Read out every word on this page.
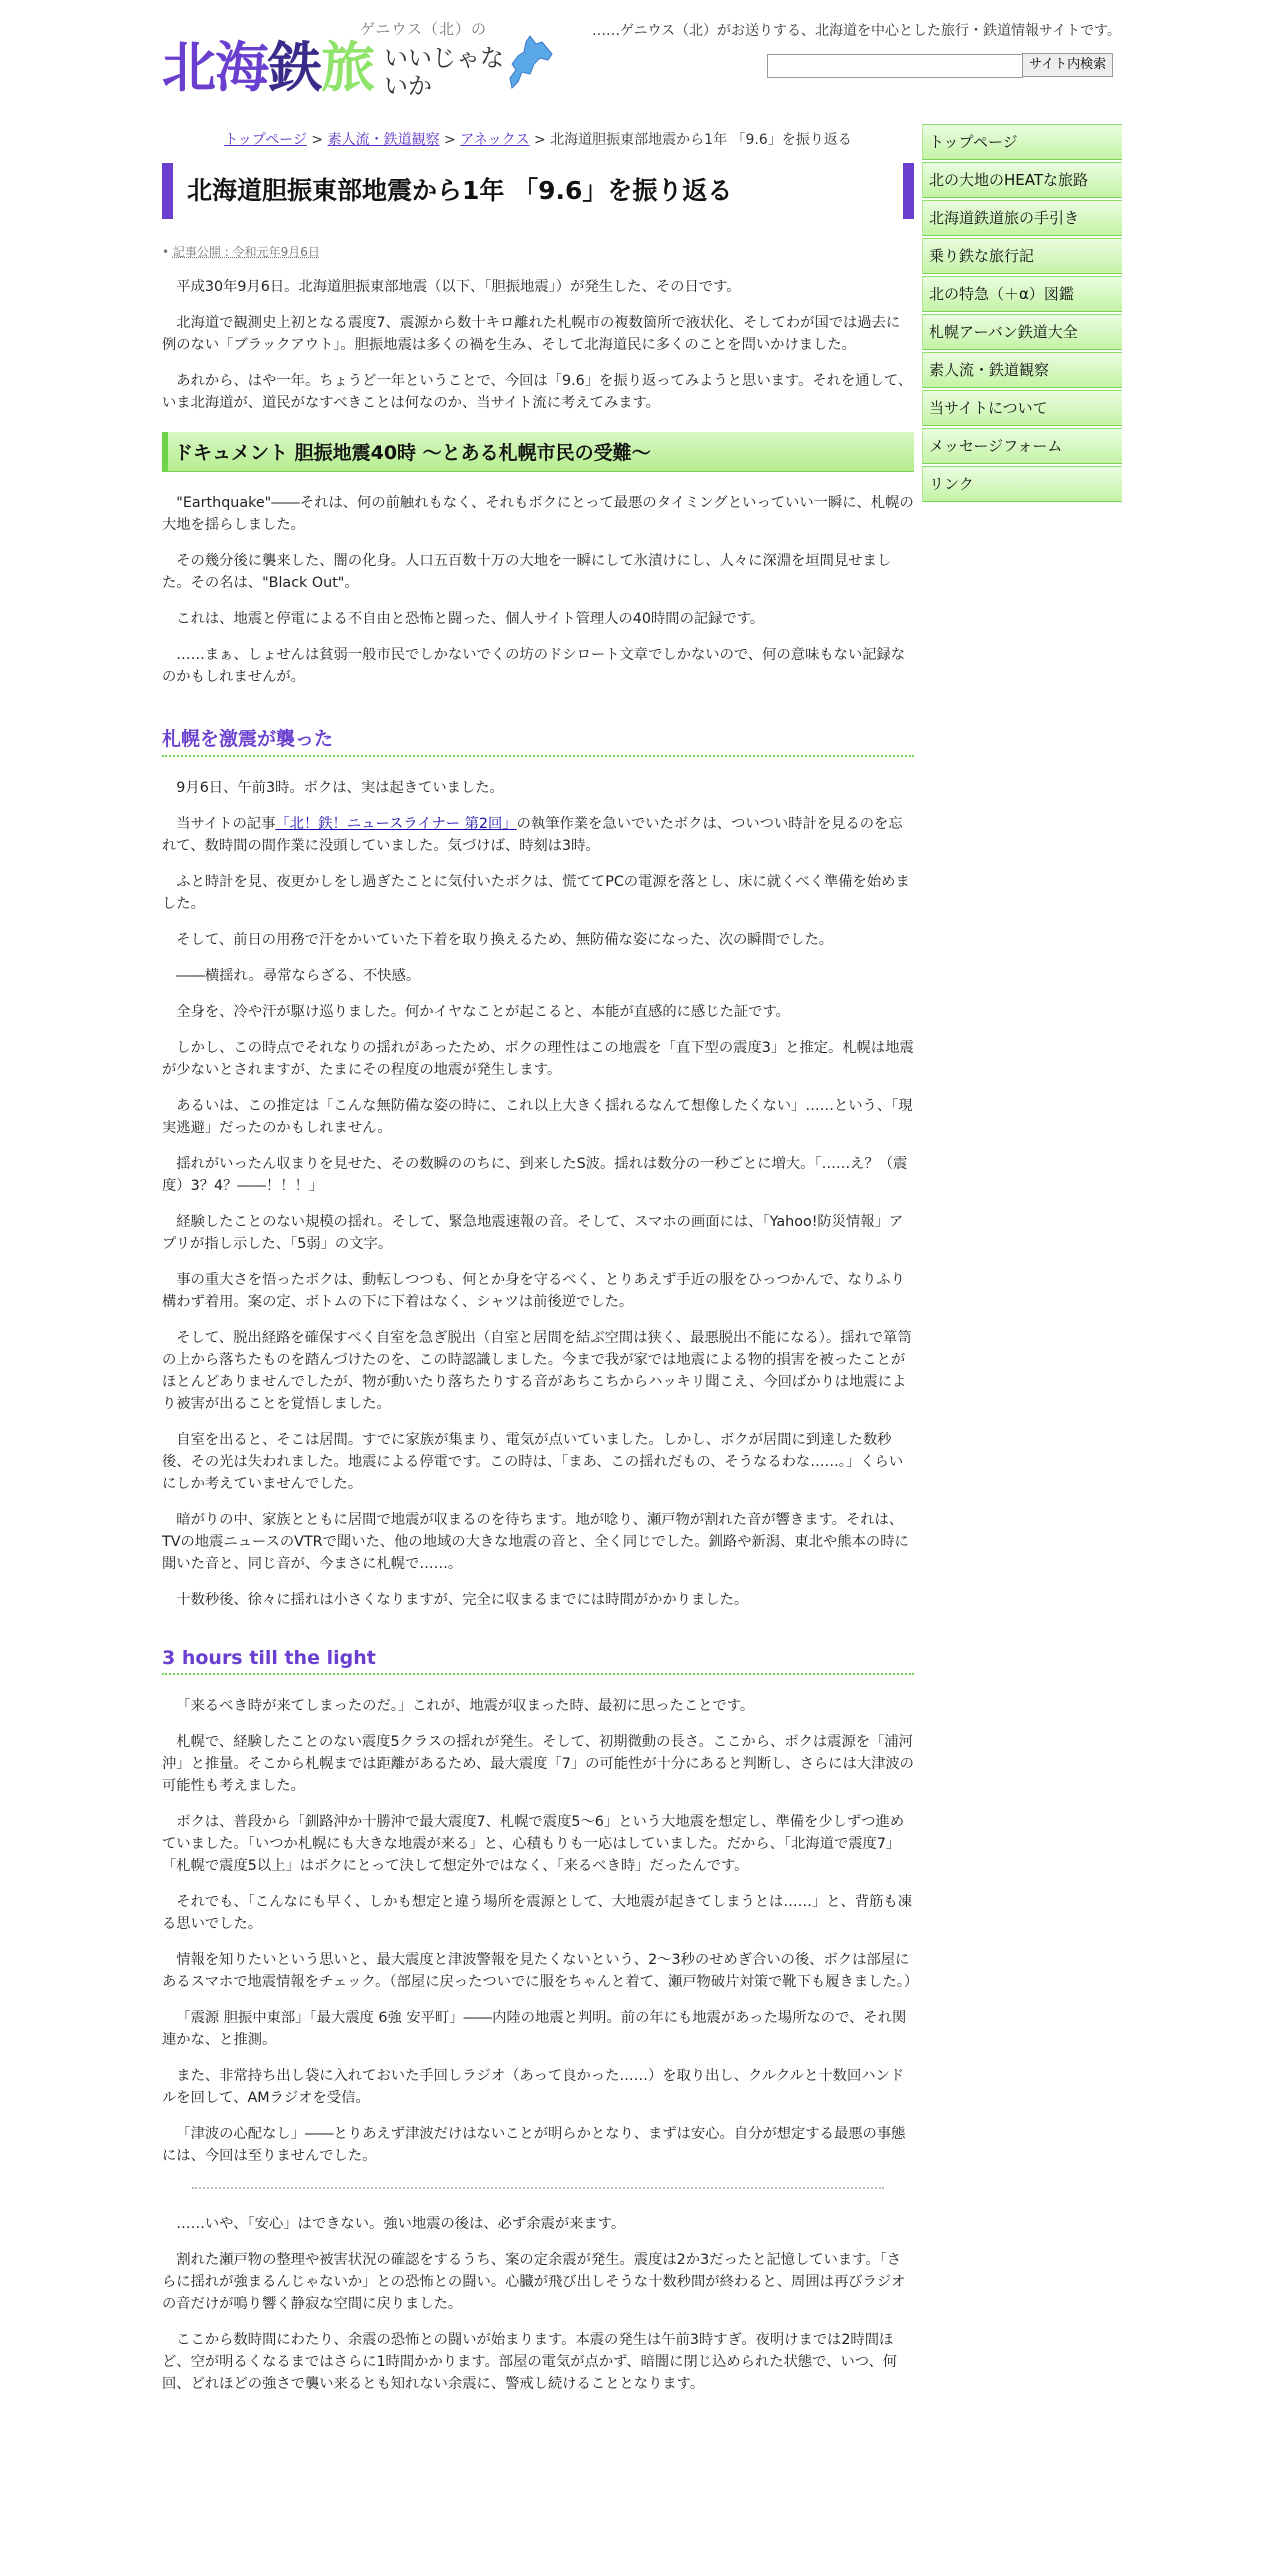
ゲニウス（北）の
北海鉄旅 いいじゃないか
……ゲニウス（北）がお送りする、北海道を中心とした旅行・鉄道情報サイトです。
サイト内検索
トップページ > 素人流・鉄道観察 > アネックス > 北海道胆振東部地震から1年 「9.6」を振り返る
北海道胆振東部地震から1年 「9.6」を振り返る
• 記事公開 : 令和元年9月6日

平成30年9月6日。北海道胆振東部地震（以下、「胆振地震」）が発生した、その日です。

北海道で観測史上初となる震度7、震源から数十キロ離れた札幌市の複数箇所で液状化、そしてわが国では過去に例のない「ブラックアウト」。胆振地震は多くの禍を生み、そして北海道民に多くのことを問いかけました。

あれから、はや一年。ちょうど一年ということで、今回は「9.6」を振り返ってみようと思います。それを通して、いま北海道が、道民がなすべきことは何なのか、当サイト流に考えてみます。

ドキュメント 胆振地震40時 ～とある札幌市民の受難～

"Earthquake"――それは、何の前触れもなく、それもボクにとって最悪のタイミングといっていい一瞬に、札幌の大地を揺らしました。

その幾分後に襲来した、闇の化身。人口五百数十万の大地を一瞬にして氷漬けにし、人々に深淵を垣間見せました。その名は、"Black Out"。

これは、地震と停電による不自由と恐怖と闘った、個人サイト管理人の40時間の記録です。

……まぁ、しょせんは貧弱一般市民でしかないでくの坊のドシロート文章でしかないので、何の意味もない記録なのかもしれませんが。

札幌を激震が襲った

9月6日、午前3時。ボクは、実は起きていました。

当サイトの記事「北！鉄！ニュースライナー 第2回」の執筆作業を急いでいたボクは、ついつい時計を見るのを忘れて、数時間の間作業に没頭していました。気づけば、時刻は3時。

ふと時計を見、夜更かしをし過ぎたことに気付いたボクは、慌ててPCの電源を落とし、床に就くべく準備を始めました。

そして、前日の用務で汗をかいていた下着を取り換えるため、無防備な姿になった、次の瞬間でした。

――横揺れ。尋常ならざる、不快感。

全身を、冷や汗が駆け巡りました。何かイヤなことが起こると、本能が直感的に感じた証です。

しかし、この時点でそれなりの揺れがあったため、ボクの理性はこの地震を「直下型の震度3」と推定。札幌は地震が少ないとされますが、たまにその程度の地震が発生します。

あるいは、この推定は「こんな無防備な姿の時に、これ以上大きく揺れるなんて想像したくない」……という、「現実逃避」だったのかもしれません。

揺れがいったん収まりを見せた、その数瞬ののちに、到来したS波。揺れは数分の一秒ごとに増大。「……え？（震度）3？4？――！！！」

経験したことのない規模の揺れ。そして、緊急地震速報の音。そして、スマホの画面には、「Yahoo!防災情報」アプリが指し示した、「5弱」の文字。

事の重大さを悟ったボクは、動転しつつも、何とか身を守るべく、とりあえず手近の服をひっつかんで、なりふり構わず着用。案の定、ボトムの下に下着はなく、シャツは前後逆でした。

そして、脱出経路を確保すべく自室を急ぎ脱出（自室と居間を結ぶ空間は狭く、最悪脱出不能になる）。揺れで箪笥の上から落ちたものを踏んづけたのを、この時認識しました。今まで我が家では地震による物的損害を被ったことがほとんどありませんでしたが、物が動いたり落ちたりする音があちこちからハッキリ聞こえ、今回ばかりは地震により被害が出ることを覚悟しました。

自室を出ると、そこは居間。すでに家族が集まり、電気が点いていました。しかし、ボクが居間に到達した数秒後、その光は失われました。地震による停電です。この時は、「まあ、この揺れだもの、そうなるわな……。」くらいにしか考えていませんでした。

暗がりの中、家族とともに居間で地震が収まるのを待ちます。地が唸り、瀬戸物が割れた音が響きます。それは、TVの地震ニュースのVTRで聞いた、他の地域の大きな地震の音と、全く同じでした。釧路や新潟、東北や熊本の時に聞いた音と、同じ音が、今まさに札幌で……。

十数秒後、徐々に揺れは小さくなりますが、完全に収まるまでには時間がかかりました。

3 hours till the light

「来るべき時が来てしまったのだ。」これが、地震が収まった時、最初に思ったことです。

札幌で、経験したことのない震度5クラスの揺れが発生。そして、初期微動の長さ。ここから、ボクは震源を「浦河沖」と推量。そこから札幌までは距離があるため、最大震度「7」の可能性が十分にあると判断し、さらには大津波の可能性も考えました。

ボクは、普段から「釧路沖か十勝沖で最大震度7、札幌で震度5～6」という大地震を想定し、準備を少しずつ進めていました。「いつか札幌にも大きな地震が来る」と、心積もりも一応はしていました。だから、「北海道で震度7」「札幌で震度5以上」はボクにとって決して想定外ではなく、「来るべき時」だったんです。

それでも、「こんなにも早く、しかも想定と違う場所を震源として、大地震が起きてしまうとは……」と、背筋も凍る思いでした。

情報を知りたいという思いと、最大震度と津波警報を見たくないという、2～3秒のせめぎ合いの後、ボクは部屋にあるスマホで地震情報をチェック。（部屋に戻ったついでに服をちゃんと着て、瀬戸物破片対策で靴下も履きました。）

「震源 胆振中東部」「最大震度 6強 安平町」――内陸の地震と判明。前の年にも地震があった場所なので、それ関連かな、と推測。

また、非常持ち出し袋に入れておいた手回しラジオ（あって良かった……）を取り出し、クルクルと十数回ハンドルを回して、AMラジオを受信。

「津波の心配なし」――とりあえず津波だけはないことが明らかとなり、まずは安心。自分が想定する最悪の事態には、今回は至りませんでした。

……いや、「安心」はできない。強い地震の後は、必ず余震が来ます。

割れた瀬戸物の整理や被害状況の確認をするうち、案の定余震が発生。震度は2か3だったと記憶しています。「さらに揺れが強まるんじゃないか」との恐怖との闘い。心臓が飛び出しそうな十数秒間が終わると、周囲は再びラジオの音だけが鳴り響く静寂な空間に戻りました。

ここから数時間にわたり、余震の恐怖との闘いが始まります。本震の発生は午前3時すぎ。夜明けまでは2時間ほど、空が明るくなるまではさらに1時間かかります。部屋の電気が点かず、暗闇に閉じ込められた状態で、いつ、何回、どれほどの強さで襲い来るとも知れない余震に、警戒し続けることとなります。

トップページ
北の大地のHEATな旅路
北海道鉄道旅の手引き
乗り鉄な旅行記
北の特急（＋α）図鑑
札幌アーバン鉄道大全
素人流・鉄道観察
当サイトについて
メッセージフォーム
リンク
